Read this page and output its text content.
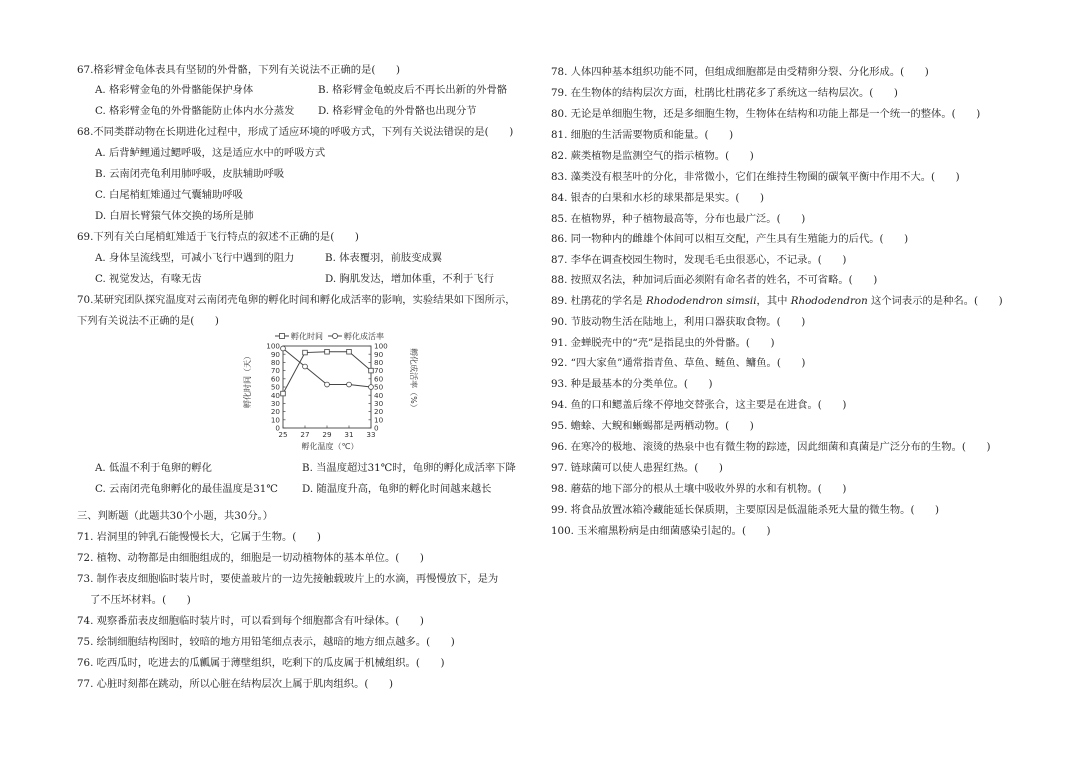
67.格彩臂金龟体表具有坚韧的外骨骼，下列有关说法不正确的是(　　)
A. 格彩臂金龟的外骨骼能保护身体	B. 格彩臂金龟蜕皮后不再长出新的外骨骼
C. 格彩臂金龟的外骨骼能防止体内水分蒸发 D. 格彩臂金龟的外骨骼也出现分节
68.不同类群动物在长期进化过程中，形成了适应环境的呼吸方式，下列有关说法错误的是(　　)
A. 后背鲈鲤通过鳃呼吸，这是适应水中的呼吸方式
B. 云南闭壳龟利用肺呼吸，皮肤辅助呼吸
C. 白尾梢虹雉通过气囊辅助呼吸
D. 白眉长臂猿气体交换的场所是肺
69.下列有关白尾梢虹雉适于飞行特点的叙述不正确的是(　　)
A. 身体呈流线型，可减小飞行中遇到的阻力	B. 体表覆羽，前肢变成翼
C. 视觉发达，有喙无齿	D. 胸肌发达，增加体重，不利于飞行
70.某研究团队探究温度对云南闭壳龟卵的孵化时间和孵化成活率的影响，实验结果如下图所示，
下列有关说法不正确的是(　　)
孵化时间	孵化成活率
0	0
10	10
20	20
30	30
40	40
50	50
60	60
70	70
80	80
90	90
100	100
25 27 29 31 33
孵化时间（天）	孵化成活率（%）
孵化温度（℃）
A. 低温不利于龟卵的孵化	B. 当温度超过31℃时，龟卵的孵化成活率下降
C. 云南闭壳龟卵孵化的最佳温度是31℃ D. 随温度升高，龟卵的孵化时间越来越长
三、判断题（此题共30个小题，共30分。）
71. 岩洞里的钟乳石能慢慢长大，它属于生物。(　　)
72. 植物、动物都是由细胞组成的，细胞是一切动植物体的基本单位。(　　)
73. 制作表皮细胞临时装片时，要使盖玻片的一边先接触载玻片上的水滴，再慢慢放下，是为
了不压坏材料。(　　)
74. 观察番茄表皮细胞临时装片时，可以看到每个细胞都含有叶绿体。(　　)
75. 绘制细胞结构图时，较暗的地方用铅笔细点表示，越暗的地方细点越多。(　　)
76. 吃西瓜时，吃进去的瓜瓤属于薄壁组织，吃剩下的瓜皮属于机械组织。(　　)
77. 心脏时刻都在跳动，所以心脏在结构层次上属于肌肉组织。(　　)
78. 人体四种基本组织功能不同，但组成细胞都是由受精卵分裂、分化形成。(　　)
79. 在生物体的结构层次方面，杜鹃比杜鹃花多了系统这一结构层次。(　　)
80. 无论是单细胞生物，还是多细胞生物，生物体在结构和功能上都是一个统一的整体。(　　)
81. 细胞的生活需要物质和能量。(　　)
82. 蕨类植物是监测空气的指示植物。(　　)
83. 藻类没有根茎叶的分化，非常微小，它们在维持生物圈的碳氧平衡中作用不大。(　　)
84. 银杏的白果和水杉的球果都是果实。(　　)
85. 在植物界，种子植物最高等，分布也最广泛。(　　)
86. 同一物种内的雌雄个体间可以相互交配，产生具有生殖能力的后代。(　　)
87. 李华在调查校园生物时，发现毛毛虫很恶心，不记录。(　　)
88. 按照双名法，种加词后面必须附有命名者的姓名，不可省略。(　　)
89. 杜鹃花的学名是 Rhododendron simsii，其中 Rhododendron 这个词表示的是种名。(　　)
90. 节肢动物生活在陆地上，利用口器获取食物。(　　)
91. 金蝉脱壳中的“壳”是指昆虫的外骨骼。(　　)
92. “四大家鱼”通常指青鱼、草鱼、鲢鱼、鳙鱼。(　　)
93. 种是最基本的分类单位。(　　)
94. 鱼的口和鳃盖后缘不停地交替张合，这主要是在进食。(　　)
95. 蟾蜍、大鲵和蜥蜴都是两栖动物。(　　)
96. 在寒冷的极地、滚烫的热泉中也有微生物的踪迹，因此细菌和真菌是广泛分布的生物。(　　)
97. 链球菌可以使人患猩红热。(　　)
98. 蘑菇的地下部分的根从土壤中吸收外界的水和有机物。(　　)
99. 将食品放置冰箱冷藏能延长保质期，主要原因是低温能杀死大量的微生物。(　　)
100. 玉米瘤黑粉病是由细菌感染引起的。(　　)
